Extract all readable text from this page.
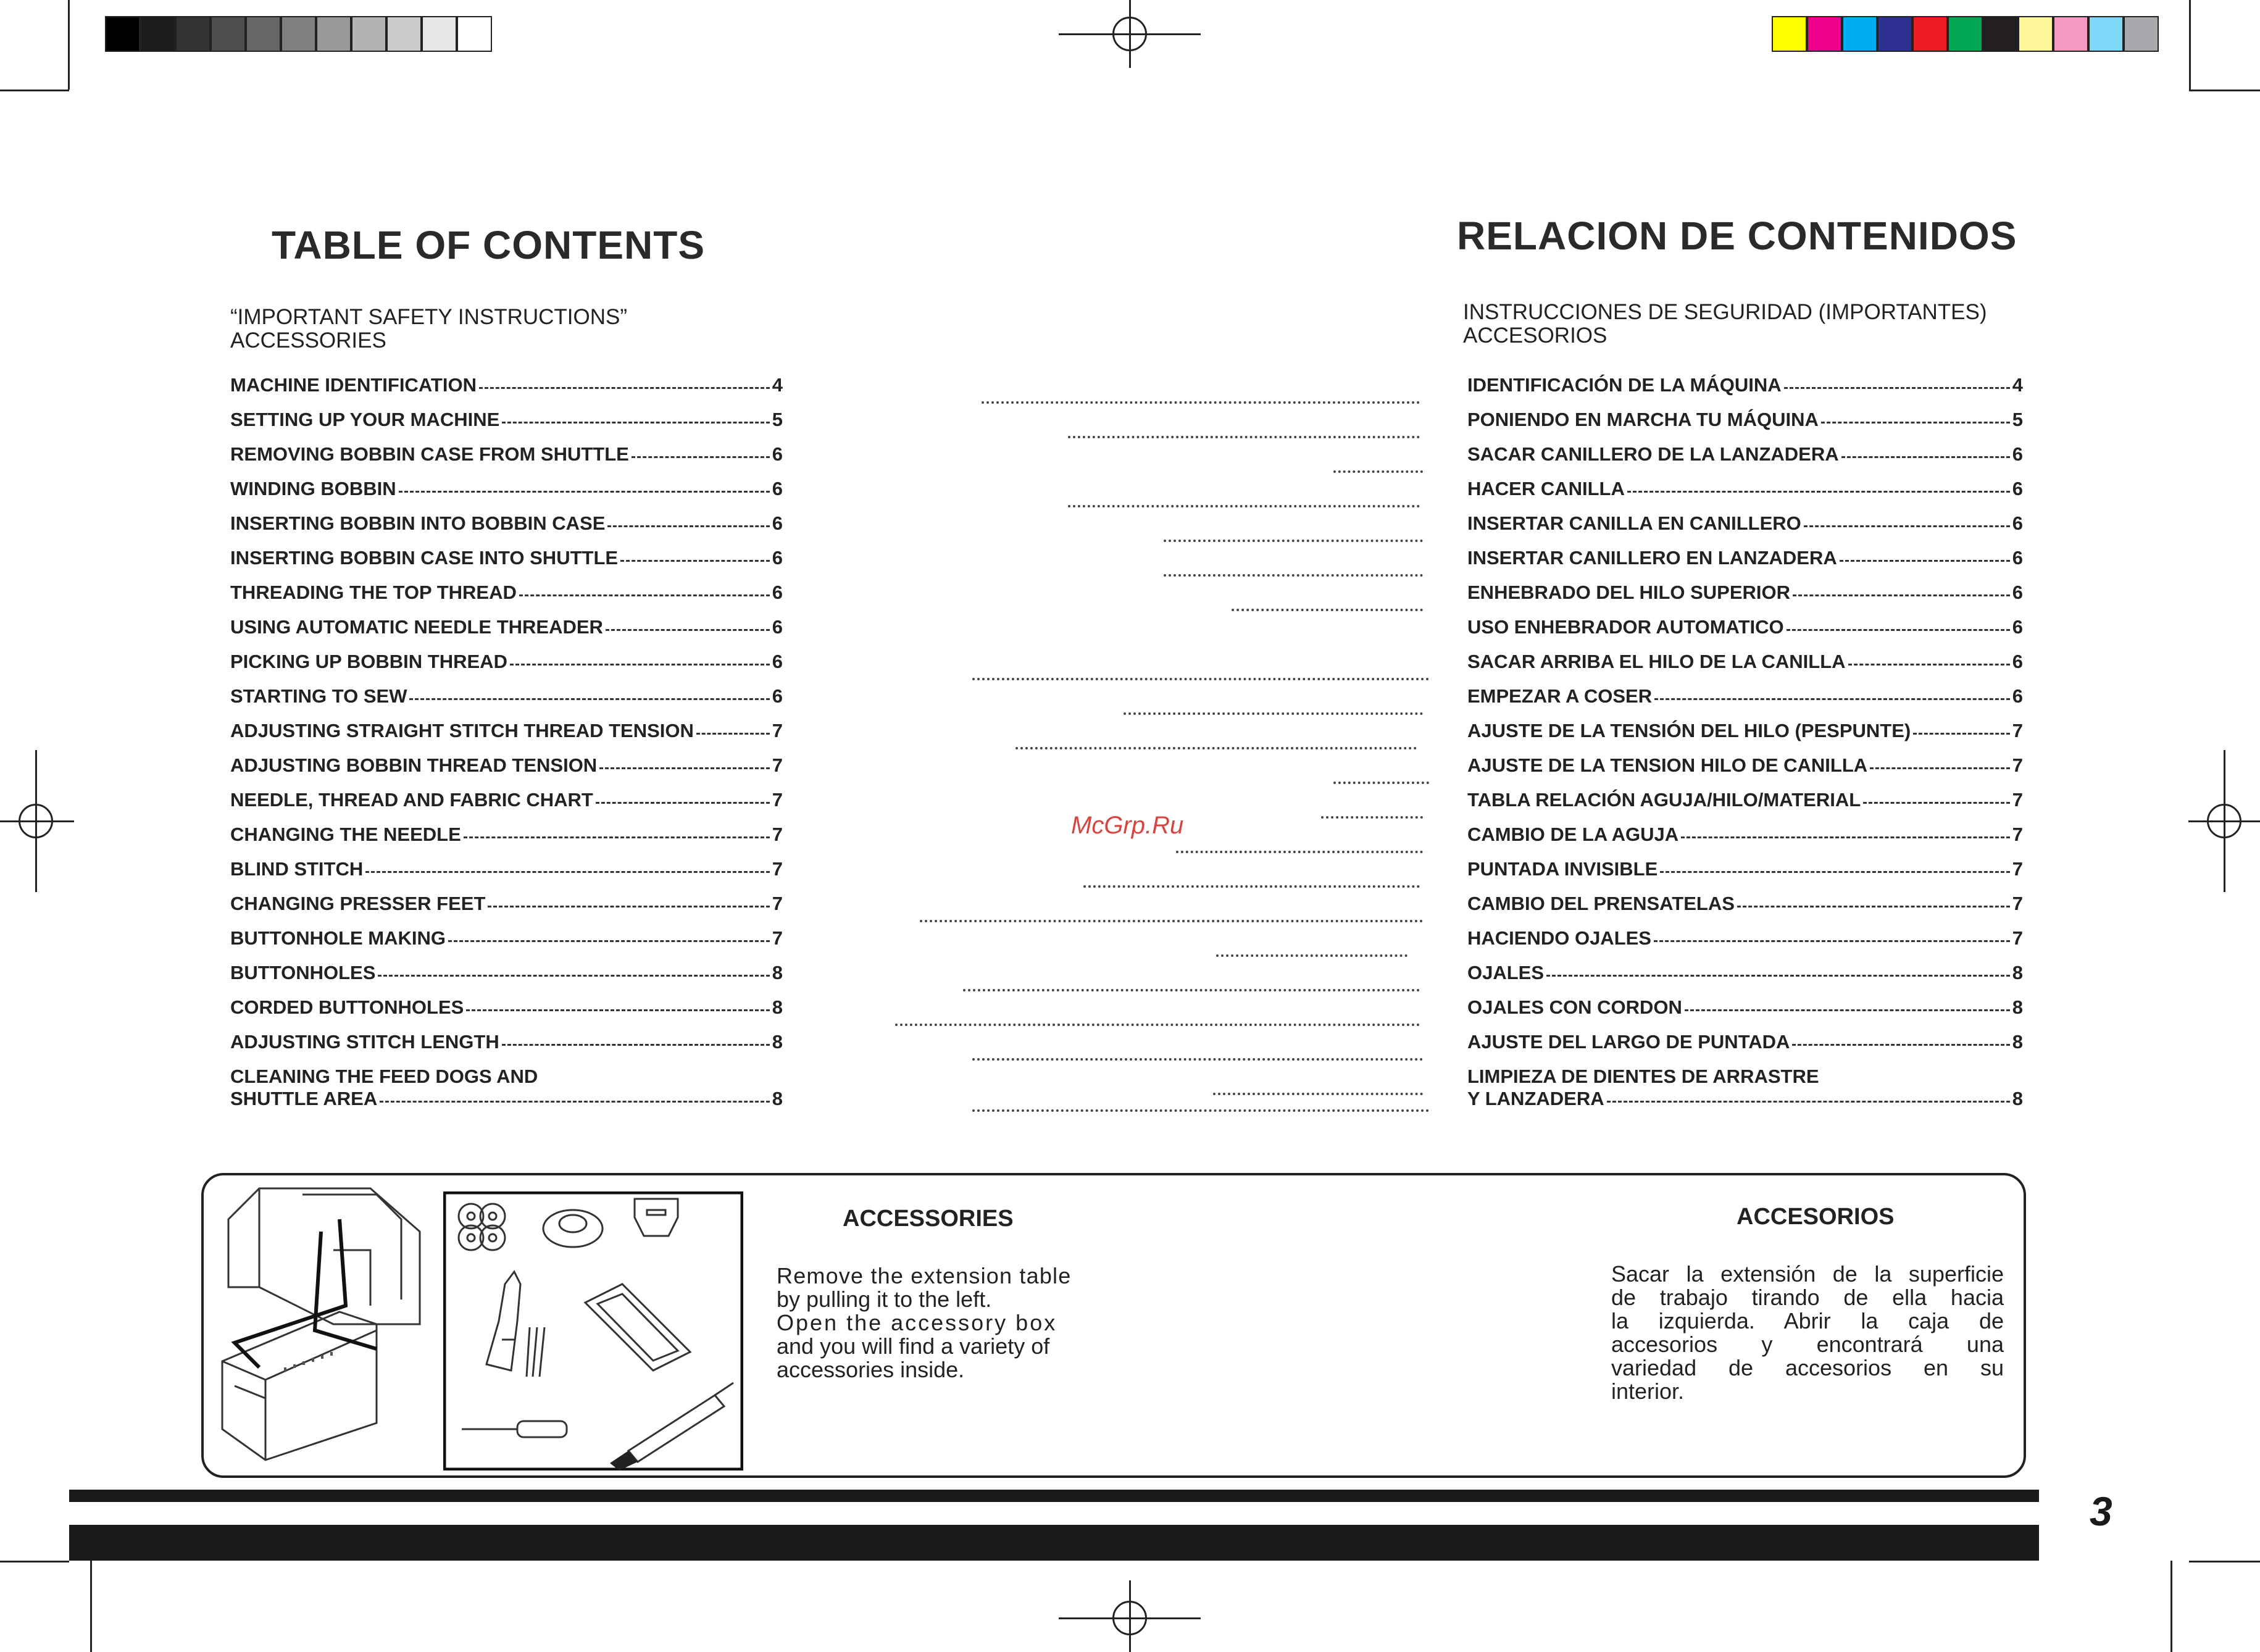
TABLE OF CONTENTS
“IMPORTANT SAFETY INSTRUCTIONS”
ACCESSORIES
MACHINE IDENTIFICATION	4
SETTING UP YOUR MACHINE	5
REMOVING BOBBIN CASE FROM SHUTTLE	6
WINDING BOBBIN	6
INSERTING BOBBIN INTO BOBBIN CASE	6
INSERTING BOBBIN CASE INTO SHUTTLE	6
THREADING THE TOP THREAD	6
USING AUTOMATIC NEEDLE THREADER	6
PICKING UP BOBBIN THREAD	6
STARTING TO SEW	6
ADJUSTING STRAIGHT STITCH THREAD TENSION	7
ADJUSTING BOBBIN THREAD TENSION	7
NEEDLE, THREAD AND FABRIC CHART	7
CHANGING THE NEEDLE	7
BLIND STITCH	7
CHANGING PRESSER FEET	7
BUTTONHOLE MAKING	7
BUTTONHOLES	8
CORDED BUTTONHOLES	8
ADJUSTING STITCH LENGTH	8
CLEANING THE FEED DOGS AND
SHUTTLE AREA	8
RELACION DE CONTENIDOS
INSTRUCCIONES DE SEGURIDAD (IMPORTANTES)
ACCESORIOS
IDENTIFICACIÓN DE LA MÁQUINA	4
PONIENDO EN MARCHA TU MÁQUINA	5
SACAR CANILLERO DE LA LANZADERA	6
HACER CANILLA	6
INSERTAR CANILLA EN CANILLERO	6
INSERTAR CANILLERO EN LANZADERA	6
ENHEBRADO DEL HILO SUPERIOR	6
USO ENHEBRADOR AUTOMATICO	6
SACAR ARRIBA EL HILO DE LA CANILLA	6
EMPEZAR A COSER	6
AJUSTE DE LA TENSIÓN DEL HILO (PESPUNTE)	7
AJUSTE DE LA TENSION HILO DE CANILLA	7
TABLA RELACIÓN AGUJA/HILO/MATERIAL	7
CAMBIO DE LA AGUJA	7
PUNTADA INVISIBLE	7
CAMBIO DEL PRENSATELAS	7
HACIENDO OJALES	7
OJALES	8
OJALES CON CORDON	8
AJUSTE DEL LARGO DE PUNTADA	8
LIMPIEZA DE DIENTES DE ARRASTRE
Y LANZADERA	8
McGrp.Ru
ACCESSORIES
Remove the extension table
by pulling it to the left.
Open the accessory box
and you will find a variety of
accessories inside.
ACCESORIOS
Sacar la extensión de la superficie
de trabajo tirando de ella hacia
la izquierda. Abrir la caja de
accesorios y encontrará una
variedad de accesorios en su
interior.
3
